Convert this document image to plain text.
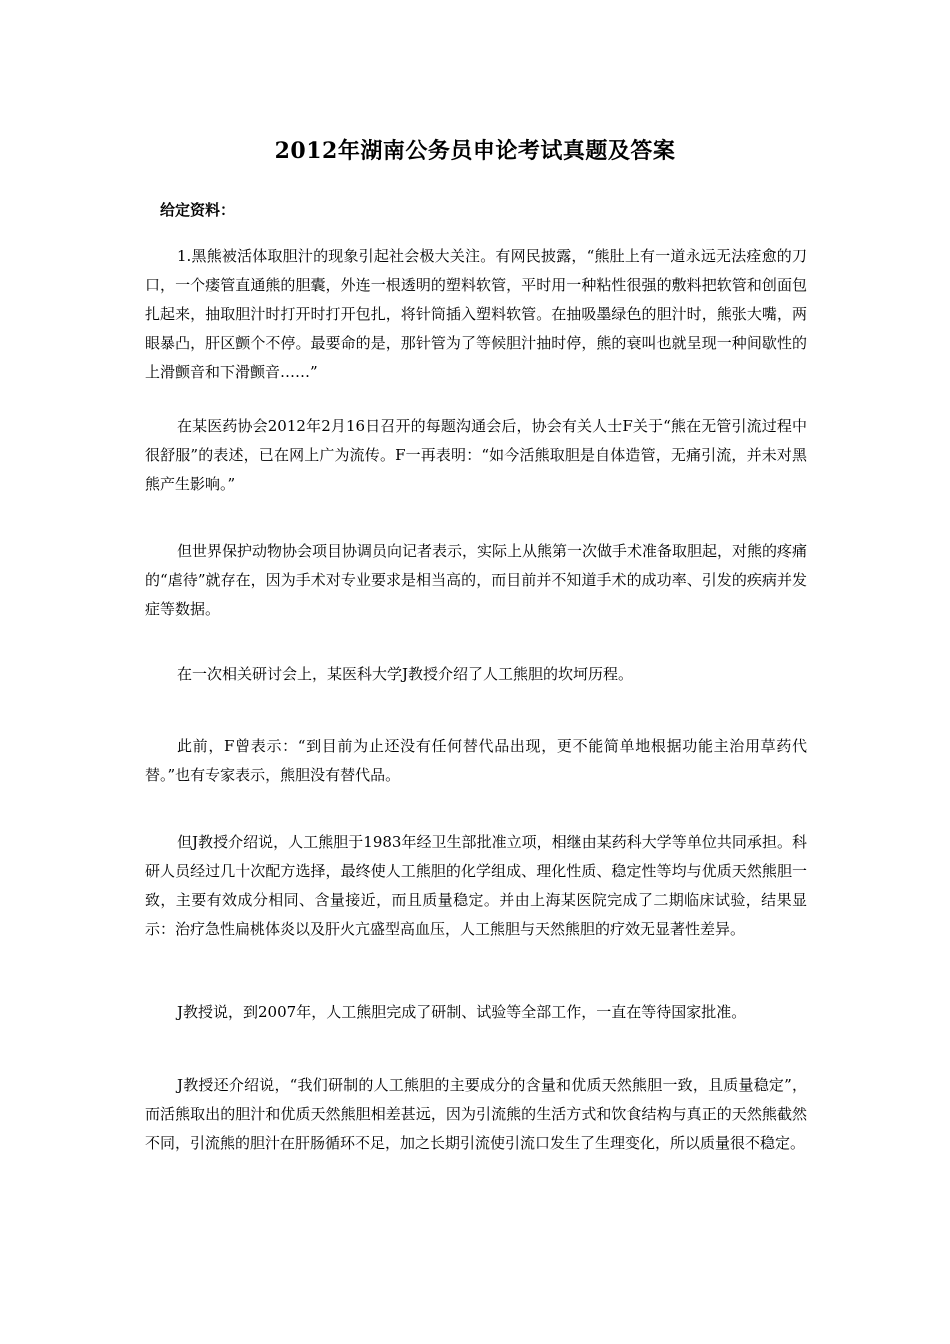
2012年湖南公务员申论考试真题及答案
给定资料：

1.黑熊被活体取胆汁的现象引起社会极大关注。有网民披露，“熊肚上有一道永远无法痊愈的刀口，一个瘘管直通熊的胆囊，外连一根透明的塑料软管，平时用一种粘性很强的敷料把软管和创面包扎起来，抽取胆汁时打开时打开包扎，将针筒插入塑料软管。在抽吸墨绿色的胆汁时，熊张大嘴，两眼暴凸，肝区颤个不停。最要命的是，那针管为了等候胆汁抽时停，熊的衰叫也就呈现一种间歇性的上滑颤音和下滑颤音……”

在某医药协会2012年2月16日召开的每题沟通会后，协会有关人士F关于“熊在无管引流过程中很舒服”的表述，已在网上广为流传。F一再表明：“如今活熊取胆是自体造管，无痛引流，并未对黑熊产生影响。”

但世界保护动物协会项目协调员向记者表示，实际上从熊第一次做手术准备取胆起，对熊的疼痛的“虐待”就存在，因为手术对专业要求是相当高的，而目前并不知道手术的成功率、引发的疾病并发症等数据。

在一次相关研讨会上，某医科大学J教授介绍了人工熊胆的坎坷历程。

此前，F曾表示：“到目前为止还没有任何替代品出现，更不能简单地根据功能主治用草药代替。”也有专家表示，熊胆没有替代品。

但J教授介绍说，人工熊胆于1983年经卫生部批准立项，相继由某药科大学等单位共同承担。科研人员经过几十次配方选择，最终使人工熊胆的化学组成、理化性质、稳定性等均与优质天然熊胆一致，主要有效成分相同、含量接近，而且质量稳定。并由上海某医院完成了二期临床试验，结果显示：治疗急性扁桃体炎以及肝火亢盛型高血压，人工熊胆与天然熊胆的疗效无显著性差异。

J教授说，到2007年，人工熊胆完成了研制、试验等全部工作，一直在等待国家批准。

J教授还介绍说，“我们研制的人工熊胆的主要成分的含量和优质天然熊胆一致，且质量稳定”，而活熊取出的胆汁和优质天然熊胆相差甚远，因为引流熊的生活方式和饮食结构与真正的天然熊截然不同，引流熊的胆汁在肝肠循环不足，加之长期引流使引流口发生了生理变化，所以质量很不稳定。
